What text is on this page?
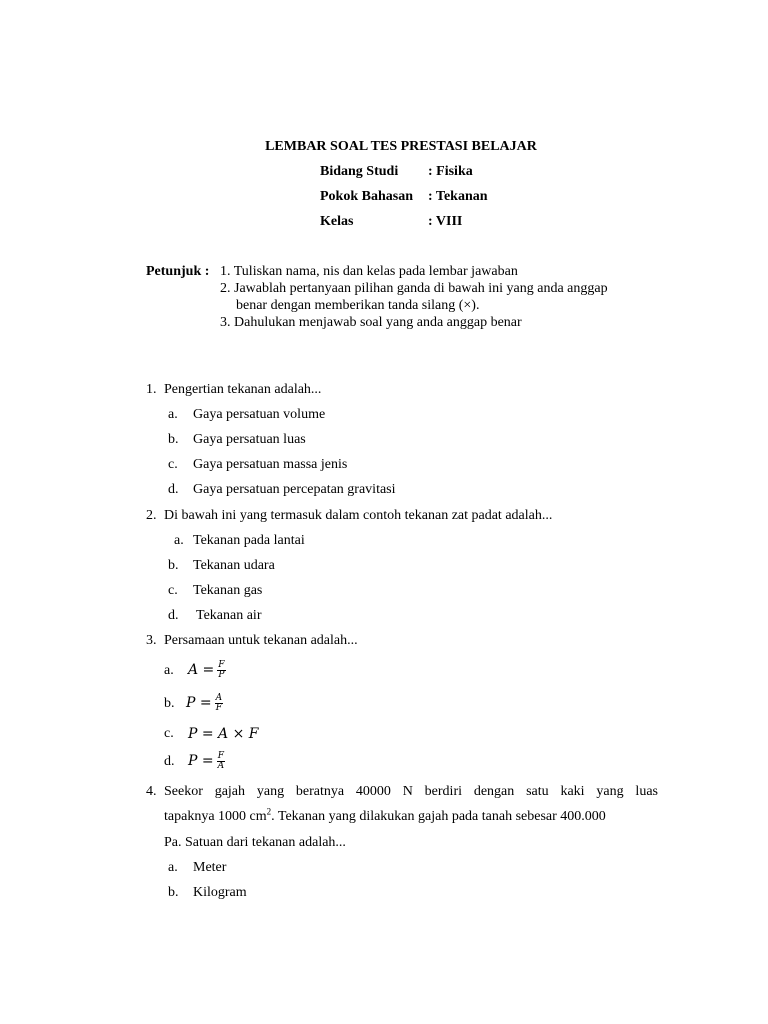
LEMBAR SOAL TES PRESTASI BELAJAR
Bidang Studi : Fisika
Pokok Bahasan : Tekanan
Kelas	: VIII
Petunjuk : 1. Tuliskan nama, nis dan kelas pada lembar jawaban
2. Jawablah pertanyaan pilihan ganda di bawah ini yang anda anggap
benar dengan memberikan tanda silang (×).
3. Dahulukan menjawab soal yang anda anggap benar
1. Pengertian tekanan adalah...
a. Gaya persatuan volume
b. Gaya persatuan luas
c. Gaya persatuan massa jenis
d. Gaya persatuan percepatan gravitasi
2. Di bawah ini yang termasuk dalam contoh tekanan zat padat adalah...
a. Tekanan pada lantai
b. Tekanan udara
c. Tekanan gas
d. Tekanan air
3. Persamaan untuk tekanan adalah...
a. $A = \frac{F}{P}$
b. $P = \frac{A}{F}$
c. P = A × F
d. $P = \frac{F}{A}$
4. Seekor gajah yang beratnya 40000 N berdiri dengan satu kaki yang luas
tapaknya 1000 $cm^2$. Tekanan yang dilakukan gajah pada tanah sebesar 400.000
Pa. Satuan dari tekanan adalah...
a. Meter
b. Kilogram
